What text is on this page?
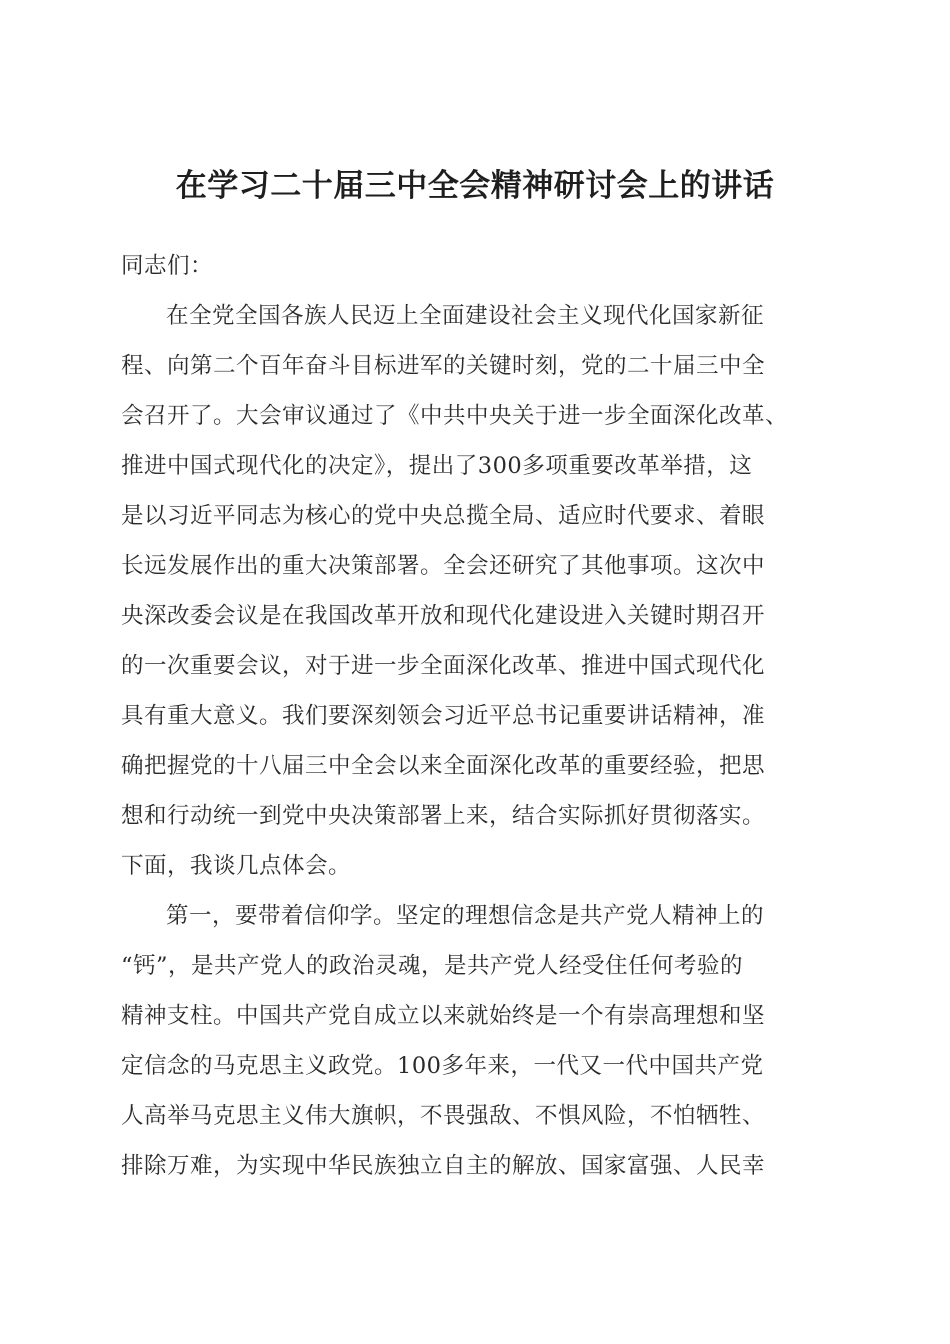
在学习二十届三中全会精神研讨会上的讲话

同志们：

在全党全国各族人民迈上全面建设社会主义现代化国家新征
程、向第二个百年奋斗目标进军的关键时刻，党的二十届三中全
会召开了。大会审议通过了《中共中央关于进一步全面深化改革、
推进中国式现代化的决定》，提出了300多项重要改革举措，这
是以习近平同志为核心的党中央总揽全局、适应时代要求、着眼
长远发展作出的重大决策部署。全会还研究了其他事项。这次中
央深改委会议是在我国改革开放和现代化建设进入关键时期召开
的一次重要会议，对于进一步全面深化改革、推进中国式现代化
具有重大意义。我们要深刻领会习近平总书记重要讲话精神，准
确把握党的十八届三中全会以来全面深化改革的重要经验，把思
想和行动统一到党中央决策部署上来，结合实际抓好贯彻落实。
下面，我谈几点体会。

第一，要带着信仰学。坚定的理想信念是共产党人精神上的
“钙”，是共产党人的政治灵魂，是共产党人经受住任何考验的
精神支柱。中国共产党自成立以来就始终是一个有崇高理想和坚
定信念的马克思主义政党。100多年来，一代又一代中国共产党
人高举马克思主义伟大旗帜，不畏强敌、不惧风险，不怕牺牲、
排除万难，为实现中华民族独立自主的解放、国家富强、人民幸
